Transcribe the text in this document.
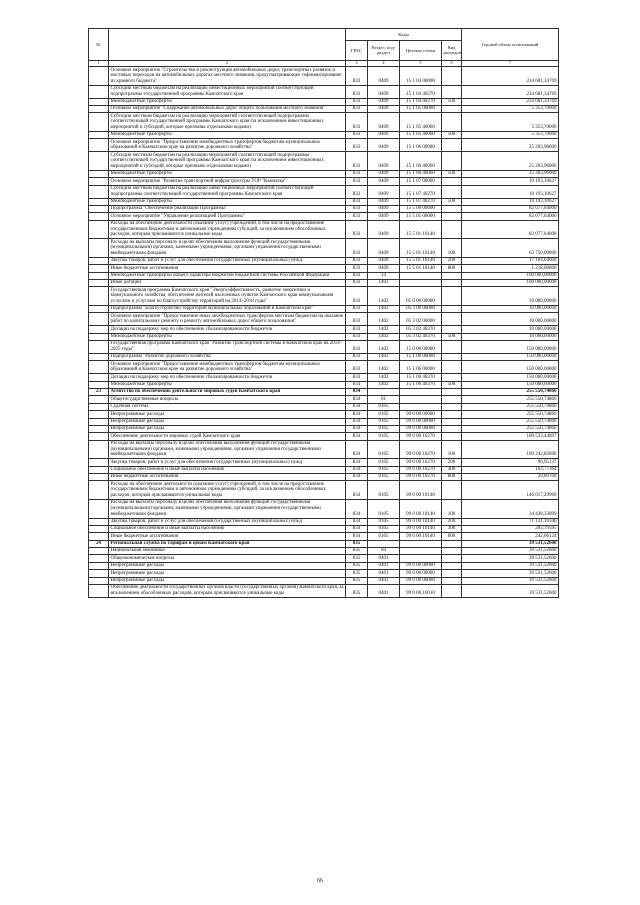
№		Коды				Годовой объем ассигнований
		ГРБС	Раздел, под-раздел	Целевая статья	Вид расходов	
1	2	3	4	5	6	7
	Основное мероприятие "Строительство и реконструкция автомобильных дорог, транспортных развязок и мостовых переходов на автомобильных дорогах местного значения, предусматривающее софинансирование из краевого бюджета"	833	0409	15 1 04 00000		234 681,34769
	Субсидии местным бюджетам на реализацию инвестиционных мероприятий соответствующей подпрограммы государственной программы Камчатского края	833	0409	15 1 04 40270		234 681,34769
	Межбюджетные трансферты	833	0409	15 1 04 40270	500	234 681,34769
	Основное мероприятие "Содержание автомобильных дорог общего пользования местного значения"	833	0409	15 1 05 00000		5 353,70000
	Субсидии местным бюджетам на реализацию мероприятий соответствующей подпрограммы соответствующей государственной программы Камчатского края (за исключением инвестиционных мероприятий и субсидий, которые признаны отдельными кодами)	833	0409	15 1 05 40060		5 353,70000
	Межбюджетные трансферты	833	0409	15 1 05 40060	500	5 353,70000
	Основное мероприятие "Предоставление межбюджетных трансфертов бюджетам муниципальных образований в Камчатском крае на развитие дорожного хозяйства"	833	0409	15 1 06 00000		25 203,96000
	Субсидии местным бюджетам на реализацию мероприятий соответствующей подпрограммы соответствующей государственной программы Камчатского края (за исключением инвестиционных мероприятий и субсидий, которые признаны отдельными кодами)	833	0409	15 1 06 40060		25 203,96000
	Межбюджетные трансферты	833	0409	15 1 06 40060	500	25 203,96000
	Основное мероприятие "Развитие транспортной инфраструктуры ТОР "Камчатка"	833	0409	15 1 07 00000		10 193,10627
	Субсидии местным бюджетам на реализацию инвестиционных мероприятий соответствующей подпрограммы соответствующей государственной программы Камчатского края	833	0409	15 1 07 40270		10 193,10627
	Межбюджетные трансферты	833	0409	15 1 07 40270	500	10 193,10627
	Подпрограмма "Обеспечение реализации Программы"	833	0409	15 5 00 00000		82 077,64000
	Основное мероприятие "Управление реализацией Программы"	833	0409	15 5 01 00000		82 077,64000
	Расходы на обеспечение деятельности (оказание услуг) учреждений, в том числе на предоставление государственным бюджетным и автономным учреждениям субсидий, за исключением обособленных расходов, которым присваиваются уникальные коды	833	0409	15 5 01 10140		82 077,64000
	Расходы на выплаты персоналу в целях обеспечения выполнения функций государственными (муниципальными) органами, казенными учреждениями, органами управления государственными внебюджетными фондами	833	0409	15 5 01 10140	100	63 750,00000
	Закупка товаров, работ и услуг для обеспечения государственных (муниципальных) нужд	833	0409	15 5 01 10140	200	17 104,64000
	Иные бюджетные ассигнования	833	0409	15 5 01 10140	800	1 218,00000
	Межбюджетные трансферты общего характера бюджетам бюджетной системы Российской Федерации	833	14			160 000,00000
	Иные дотации	833	1402			160 000,00000
	Государственная программа Камчатского края "Энергоэффективность, развитие энергетики и коммунального хозяйства, обеспечение жителей населенных пунктов Камчатского края коммунальными услугами и услугами по благоустройству территорий на 2014–2018 годы"	833	1402	05 0 00 00000		10 000,00000
	Подпрограмма "Благоустройство территорий муниципальных образований в Камчатском крае"	833	1402	05 3 00 00000		10 000,00000
	Основное мероприятие "Предоставление иных межбюджетных трансфертов местным бюджетам на оказание работ по капитальному ремонту и ремонту автомобильных дорог общего пользования"	833	1402	05 3 02 00000		10 000,00000
	Дотации на поддержку мер по обеспечению сбалансированности бюджетов	833	1402	05 3 02 40370		10 000,00000
	Межбюджетные трансферты	833	1402	05 3 02 40370	500	10 000,00000
	Государственная программа Камчатского края "Развитие транспортной системы в Камчатском крае на 2014–2025 годы"	833	1402	15 0 00 00000		150 000,00000
	Подпрограмма "Развитие дорожного хозяйства"	833	1402	15 1 00 00000		150 000,00000
	Основное мероприятие "Предоставление межбюджетных трансфертов бюджетам муниципальных образований в Камчатском крае на развитие дорожного хозяйства"	833	1402	15 1 06 00000		150 000,00000
	Дотации на поддержку мер по обеспечению сбалансированности бюджетов	833	1402	15 1 06 40370		150 000,00000
	Межбюджетные трансферты	833	1402	15 1 06 40370	500	150 000,00000
23	Агентство по обеспечению деятельности мировых судей Камчатского края	834				255 550,74866
	Общегосударственные вопросы	834	01			255 550,74866
	Судебная система	834	0105			255 550,74866
	Непрограммные расходы	834	0105	99 0 00 00000		255 550,74866
	Непрограммные расходы	834	0105	99 0 00 00000		255 550,74866
	Непрограммные расходы	834	0105	99 0 00 00000		255 550,74866
	Обеспечение деятельности мировых судей Камчатского края	834	0105	99 0 00 10270		109 533,44897
	Расходы на выплаты персоналу в целях обеспечения выполнения функций государственными (муниципальными) органами, казенными учреждениями, органами управления государственными внебюджетными фондами	834	0105	99 0 00 10270	100	109 242,82696
	Закупка товаров, работ и услуг для обеспечения государственных (муниципальных) нужд	834	0105	99 0 00 10270	200	96,95137
	Социальное обеспечение и иные выплаты населению	834	0105	99 0 00 10270	300	163,77364
	Иные бюджетные ассигнования	834	0105	99 0 00 10270	800	29,89700
	Расходы на обеспечение деятельности (оказание услуг) учреждений, в том числе на предоставление государственным бюджетным и автономным учреждениям субсидий, за исключением обособленных расходов, которым присваиваются уникальные коды	834	0105	99 0 00 10140		146 017,29969
	Расходы на выплаты персоналу в целях обеспечения выполнения функций государственными (муниципальными) органами, казенными учреждениями, органами управления государственными внебюджетными фондами	834	0105	99 0 00 10140	100	34 438,33899
	Закупка товаров, работ и услуг для обеспечения государственных (муниципальных) нужд	834	0105	99 0 00 10140	200	71 131,10346
	Социальное обеспечение и иные выплаты населению	834	0105	99 0 00 10140	300	205,79595
	Иные бюджетные ассигнования	834	0105	99 0 00 10140	800	242,06124
24	Региональная служба по тарифам и ценам Камчатского края	835				39 531,52600
	Национальная экономика	835	04			39 531,52600
	Общеэкономические вопросы	835	0401			39 531,52600
	Непрограммные расходы	835	0401	99 0 00 00000		39 531,52600
	Непрограммные расходы	835	0401	99 0 00 00000		39 531,52600
	Непрограммные расходы	835	0401	99 0 00 00000		39 531,52600
	Обеспечение деятельности государственных органов власти (государственных органов) Камчатского края, за исключением обособленных расходов, которым присваиваются уникальные коды	835	0401	99 0 00 10010		39 531,52600
66
